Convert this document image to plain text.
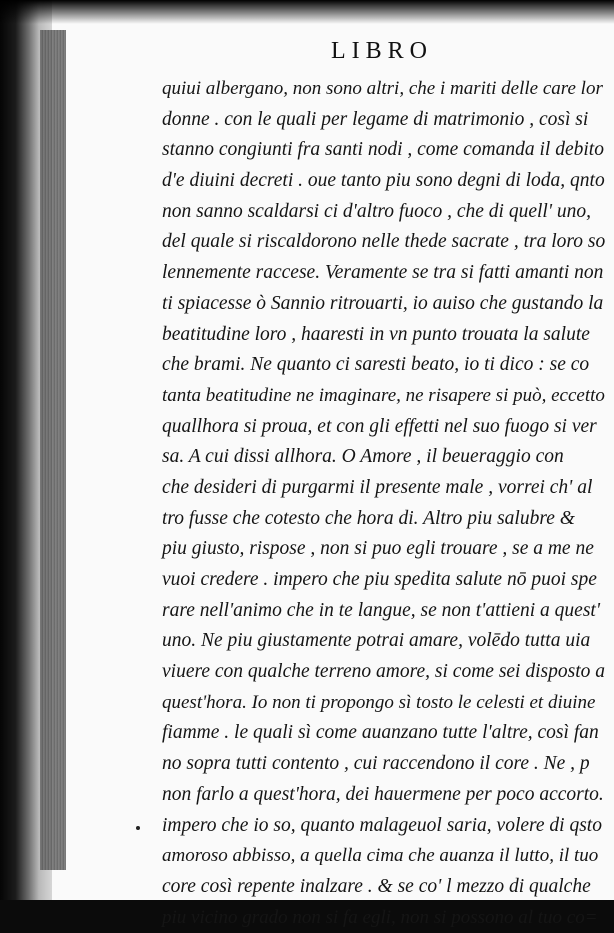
LIBRO
quiui albergano, non sono altri, che i mariti delle care lor
donne . con le quali per legame di matrimonio , così si
stanno congiunti fra santi nodi , come comanda il debito
d'e diuini decreti . oue tanto piu sono degni di loda, qnto
non sanno scaldarsi ci d'altro fuoco , che di quell' uno,
del quale si riscaldorono nelle thede sacrate , tra loro so
lennemente raccese. Veramente se tra si fatti amanti non
ti spiacesse ò Sannio ritrouarti, io auiso che gustando la
beatitudine loro , haaresti in vn punto trouata la salute
che brami. Ne quanto ci saresti beato, io ti dico : se co
tanta beatitudine ne imaginare, ne risapere si può, eccetto
quallhora si proua, et con gli effetti nel suo fuogo si ver
sa. A cui dissi allhora. O Amore , il beueraggio con
che desideri di purgarmi il presente male , vorrei ch' al
tro fusse che cotesto che hora di. Altro piu salubre &
piu giusto, rispose , non si puo egli trouare , se a me ne
vuoi credere . impero che piu spedita salute nō puoi spe
rare nell'animo che in te langue, se non t'attieni a quest'
uno. Ne piu giustamente potrai amare, volēdo tutta uia
viuere con qualche terreno amore, si come sei disposto a
quest'hora. Io non ti propongo sì tosto le celesti et diuine
fiamme . le quali sì come auanzano tutte l'altre, così fan
no sopra tutti contento , cui raccendono il core . Ne , p
non farlo a quest'hora, dei hauermene per poco accorto.
impero che io so, quanto malageuol saria, volere di qsto
amoroso abbisso, a quella cima che auanza il lutto, il tuo
core così repente inalzare . & se co' l mezzo di qualche
piu vicino grado non si fa egli, non si possono al tuo co=
